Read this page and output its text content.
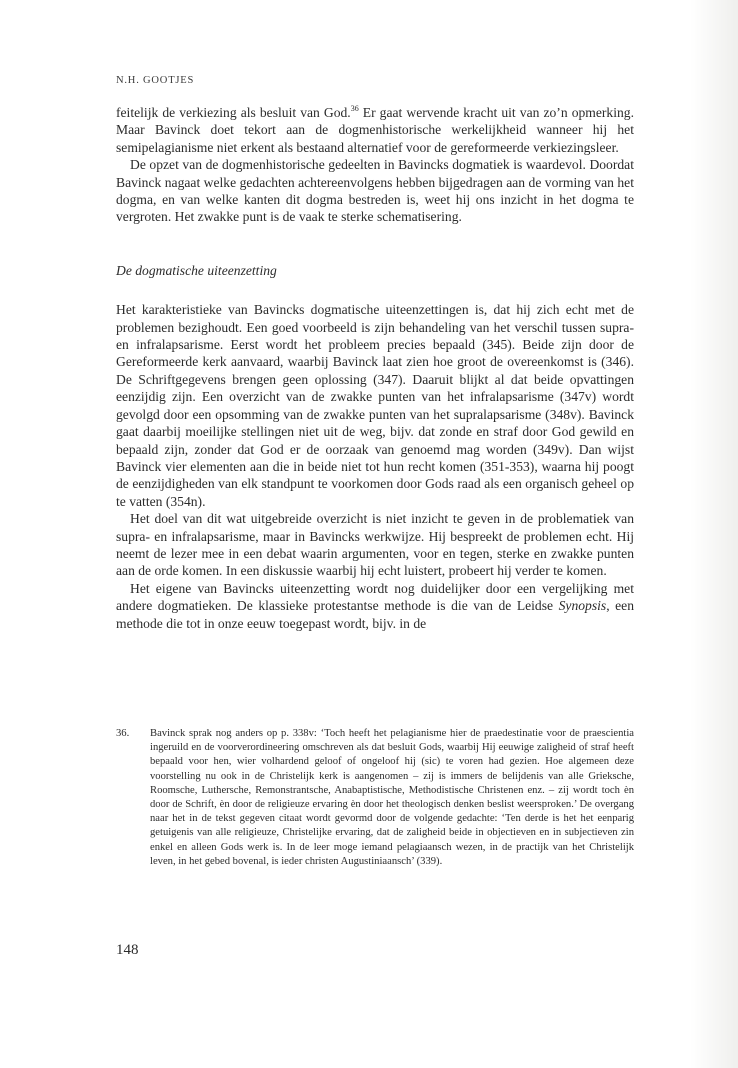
N.H. GOOTJES

feitelijk de verkiezing als besluit van God.$^{36}$ Er gaat wervende kracht uit van zo’n opmerking. Maar Bavinck doet tekort aan de dogmenhistorische werkelijkheid wanneer hij het semipelagianisme niet erkent als bestaand alternatief voor de gereformeerde verkiezingsleer.

De opzet van de dogmenhistorische gedeelten in Bavincks dogmatiek is waardevol. Doordat Bavinck nagaat welke gedachten achtereenvolgens hebben bijgedragen aan de vorming van het dogma, en van welke kanten dit dogma bestreden is, weet hij ons inzicht in het dogma te vergroten. Het zwakke punt is de vaak te sterke schematisering.

De dogmatische uiteenzetting

Het karakteristieke van Bavincks dogmatische uiteenzettingen is, dat hij zich echt met de problemen bezighoudt. Een goed voorbeeld is zijn behandeling van het verschil tussen supra- en infralapsarisme. Eerst wordt het probleem precies bepaald (345). Beide zijn door de Gereformeerde kerk aanvaard, waarbij Bavinck laat zien hoe groot de overeenkomst is (346). De Schriftgegevens brengen geen oplossing (347). Daaruit blijkt al dat beide opvattingen eenzijdig zijn. Een overzicht van de zwakke punten van het infralapsarisme (347v) wordt gevolgd door een opsomming van de zwakke punten van het supralapsarisme (348v). Bavinck gaat daarbij moeilijke stellingen niet uit de weg, bijv. dat zonde en straf door God gewild en bepaald zijn, zonder dat God er de oorzaak van genoemd mag worden (349v). Dan wijst Bavinck vier elementen aan die in beide niet tot hun recht komen (351-353), waarna hij poogt de eenzijdigheden van elk standpunt te voorkomen door Gods raad als een organisch geheel op te vatten (354n).

Het doel van dit wat uitgebreide overzicht is niet inzicht te geven in de problematiek van supra- en infralapsarisme, maar in Bavincks werkwijze. Hij bespreekt de problemen echt. Hij neemt de lezer mee in een debat waarin argumenten, voor en tegen, sterke en zwakke punten aan de orde komen. In een diskussie waarbij hij echt luistert, probeert hij verder te komen.

Het eigene van Bavincks uiteenzetting wordt nog duidelijker door een vergelijking met andere dogmatieken. De klassieke protestantse methode is die van de Leidse Synopsis, een methode die tot in onze eeuw toegepast wordt, bijv. in de

36. Bavinck sprak nog anders op p. 338v: ‘Toch heeft het pelagianisme hier de praedestinatie voor de praescientia ingeruild en de voorverordineering omschreven als dat besluit Gods, waarbij Hij eeuwige zaligheid of straf heeft bepaald voor hen, wier volhardend geloof of ongeloof hij (sic) te voren had gezien. Hoe algemeen deze voorstelling nu ook in de Christelijk kerk is aangenomen – zij is immers de belijdenis van alle Grieksche, Roomsche, Luthersche, Remonstrantsche, Anabaptistische, Methodistische Christenen enz. – zij wordt toch èn door de Schrift, èn door de religieuze ervaring èn door het theologisch denken beslist weersproken.’ De overgang naar het in de tekst gegeven citaat wordt gevormd door de volgende gedachte: ‘Ten derde is het het eenparig getuigenis van alle religieuze, Christelijke ervaring, dat de zaligheid beide in objectieven en in subjectieven zin enkel en alleen Gods werk is. In de leer moge iemand pelagiaansch wezen, in de practijk van het Christelijk leven, in het gebed bovenal, is ieder christen Augustiniaansch’ (339).
148
